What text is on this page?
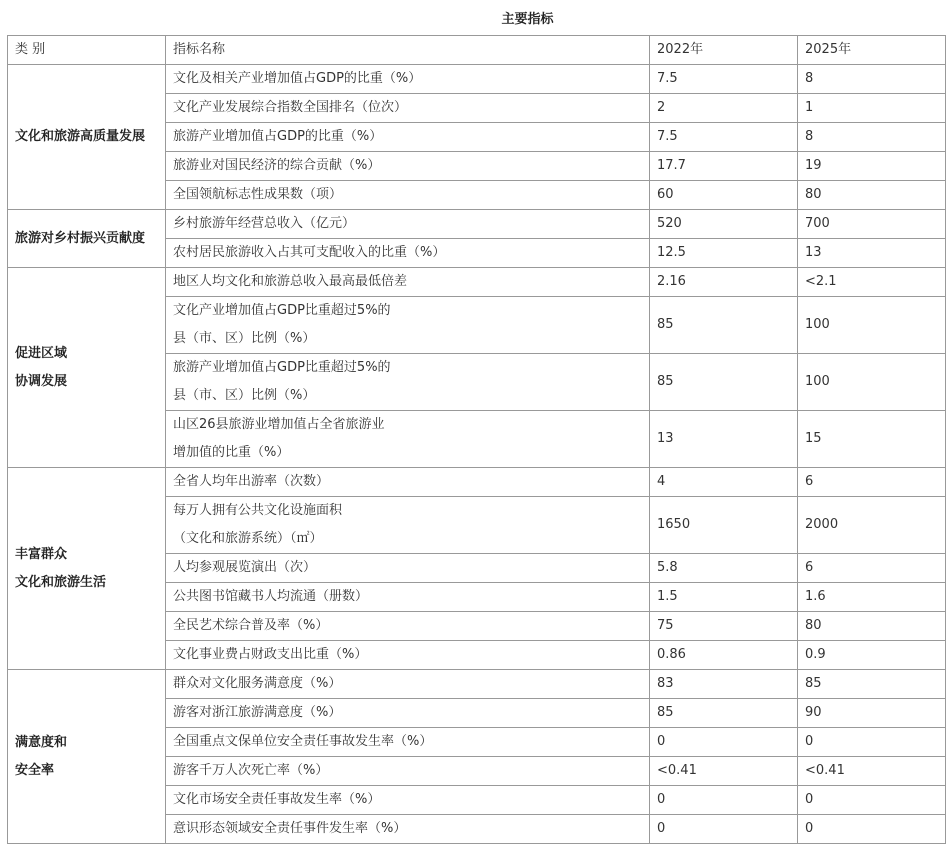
主要指标
类 别	指标名称	2022年	2025年

文化和旅游高质量发展	文化及相关产业增加值占GDP的比重（%）	7.5	8

	文化产业发展综合指数全国排名（位次）	2	1

	旅游产业增加值占GDP的比重（%）	7.5	8

	旅游业对国民经济的综合贡献（%）	17.7	19

	全国领航标志性成果数（项）	60	80

旅游对乡村振兴贡献度	乡村旅游年经营总收入（亿元）	520	700

	农村居民旅游收入占其可支配收入的比重（%）	12.5	13

促进区域
协调发展	地区人均文化和旅游总收入最高最低倍差	2.16	<2.1

	文化产业增加值占GDP比重超过5%的
县（市、区）比例（%）	85	100

	旅游产业增加值占GDP比重超过5%的
县（市、区）比例（%）	85	100

	山区26县旅游业增加值占全省旅游业
增加值的比重（%）	13	15

丰富群众
文化和旅游生活	全省人均年出游率（次数）	4	6

	每万人拥有公共文化设施面积
（文化和旅游系统）（㎡）	1650	2000

	人均参观展览演出（次）	5.8	6

	公共图书馆藏书人均流通（册数）	1.5	1.6

	全民艺术综合普及率（%）	75	80

	文化事业费占财政支出比重（%）	0.86	0.9

满意度和
安全率	群众对文化服务满意度（%）	83	85

	游客对浙江旅游满意度（%）	85	90

	全国重点文保单位安全责任事故发生率（%）	0	0

	游客千万人次死亡率（%）	<0.41	<0.41

	文化市场安全责任事故发生率（%）	0	0

	意识形态领域安全责任事件发生率（%）	0	0
